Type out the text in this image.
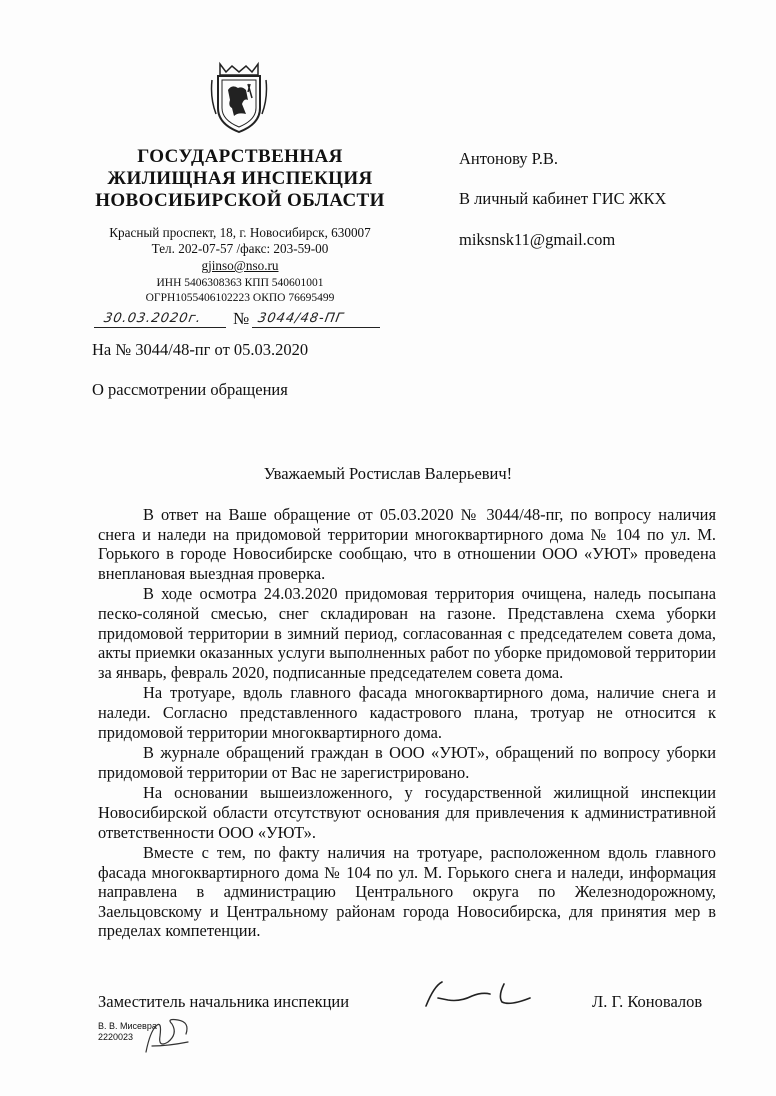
ГОСУДАРСТВЕННАЯ
ЖИЛИЩНАЯ ИНСПЕКЦИЯ
НОВОСИБИРСКОЙ ОБЛАСТИ
Красный проспект, 18, г. Новосибирск, 630007
Тел. 202-07-57 /факс: 203-59-00
gjinso@nso.ru
ИНН 5406308363 КПП 540601001
ОГРН1055406102223 ОКПО 76695499
30.03.2020г. № 3044/48-ПГ
На № 3044/48-пг от 05.03.2020
О рассмотрении обращения
Антонову Р.В.
В личный кабинет ГИС ЖКХ
miksnsk11@gmail.com
Уважаемый Ростислав Валерьевич!

В ответ на Ваше обращение от 05.03.2020 № 3044/48-пг, по вопросу наличия снега и наледи на придомовой территории многоквартирного дома № 104 по ул. М. Горького в городе Новосибирске сообщаю, что в отношении ООО «УЮТ» проведена внеплановая выездная проверка.

В ходе осмотра 24.03.2020 придомовая территория очищена, наледь посыпана песко-соляной смесью, снег складирован на газоне. Представлена схема уборки придомовой территории в зимний период, согласованная с председателем совета дома, акты приемки оказанных услуги выполненных работ по уборке придомовой территории за январь, февраль 2020, подписанные председателем совета дома.

На тротуаре, вдоль главного фасада многоквартирного дома, наличие снега и наледи. Согласно представленного кадастрового плана, тротуар не относится к придомовой территории многоквартирного дома.

В журнале обращений граждан в ООО «УЮТ», обращений по вопросу уборки придомовой территории от Вас не зарегистрировано.

На основании вышеизложенного, у государственной жилищной инспекции Новосибирской области отсутствуют основания для привлечения к административной ответственности ООО «УЮТ».

Вместе с тем, по факту наличия на тротуаре, расположенном вдоль главного фасада многоквартирного дома № 104 по ул. М. Горького снега и наледи, информация направлена в администрацию Центрального округа по Железнодорожному, Заельцовскому и Центральному районам города Новосибирска, для принятия мер в пределах компетенции.

Заместитель начальника инспекции	Л. Г. Коновалов
В. В. Мисевра
2220023
